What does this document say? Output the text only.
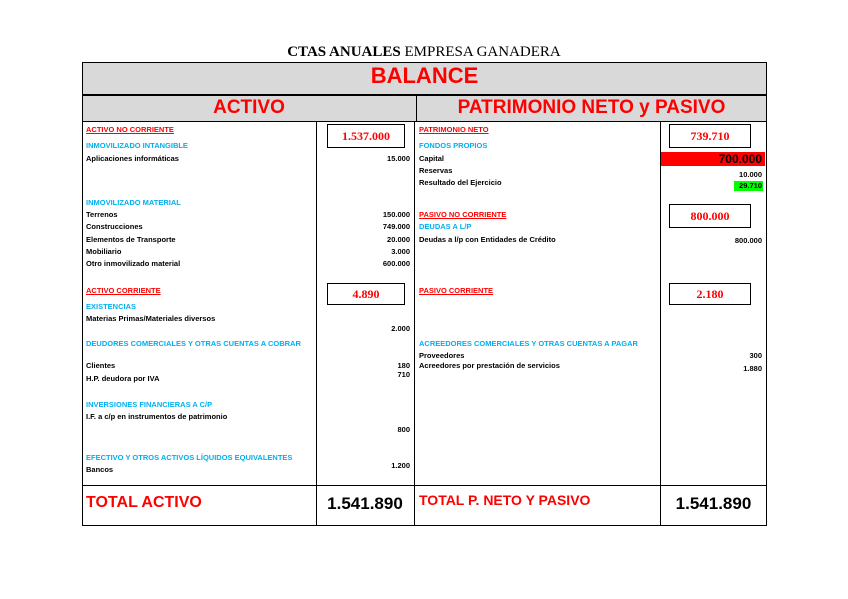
CTAS ANUALES EMPRESA GANADERA
BALANCE
ACTIVO	PATRIMONIO NETO y PASIVO
ACTIVO NO CORRIENTE	1.537.000
INMOVILIZADO INTANGIBLE
Aplicaciones informáticas	15.000
INMOVILIZADO MATERIAL
Terrenos	150.000
Construcciones	749.000
Elementos de Transporte	20.000
Mobiliario	3.000
Otro inmovilizado material	600.000
ACTIVO CORRIENTE	4.890
EXISTENCIAS
Materias Primas/Materiales diversos
2.000
DEUDORES COMERCIALES Y OTRAS CUENTAS A COBRAR
Clientes	180
H.P. deudora por IVA	710
INVERSIONES FINANCIERAS A C/P
I.F. a c/p en instrumentos de patrimonio
800
EFECTIVO Y OTROS ACTIVOS LÍQUIDOS EQUIVALENTES
Bancos	1.200
PATRIMONIO NETO	739.710
FONDOS PROPIOS
Capital	700.000
Reservas	10.000
Resultado del Ejercicio	29.710
PASIVO NO CORRIENTE	800.000
DEUDAS A L/P
Deudas a l/p con Entidades de Crédito	800.000
PASIVO CORRIENTE	2.180
ACREEDORES COMERCIALES Y OTRAS CUENTAS A PAGAR
Proveedores	300
Acreedores por prestación de servicios	1.880
TOTAL ACTIVO	1.541.890	TOTAL P. NETO Y PASIVO	1.541.890
